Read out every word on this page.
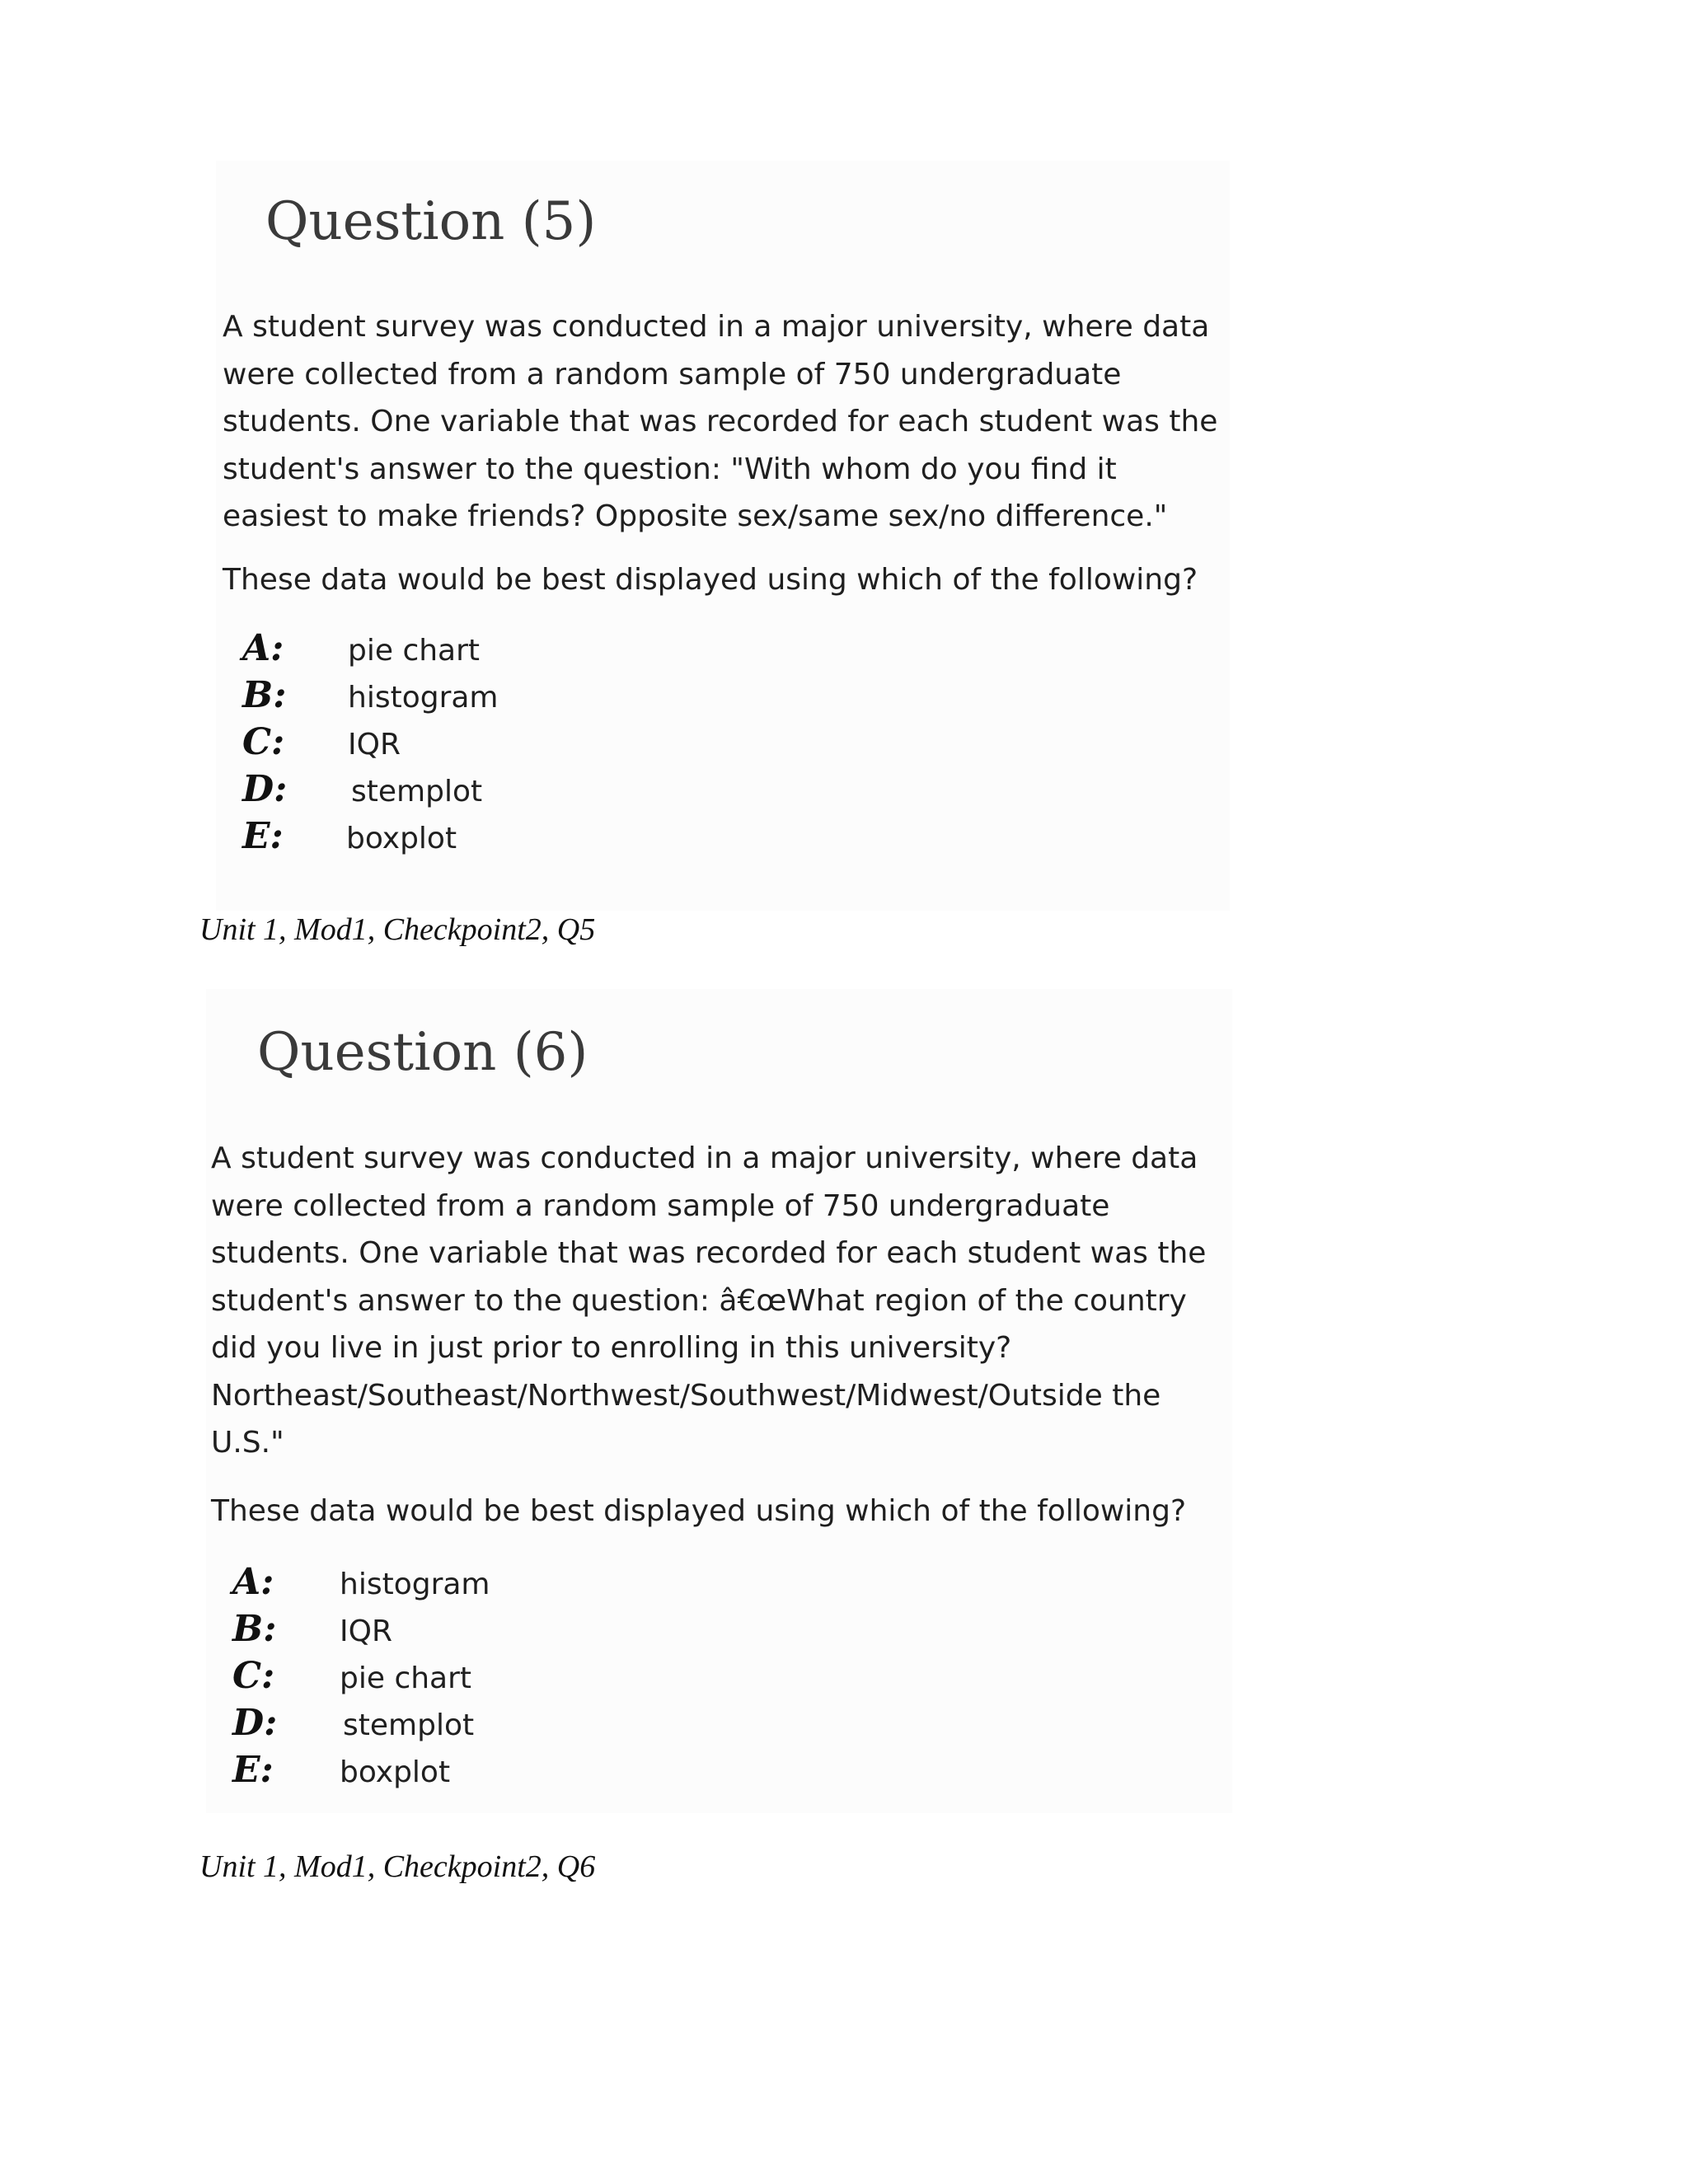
Question (5)
A student survey was conducted in a major university, where data
were collected from a random sample of 750 undergraduate
students. One variable that was recorded for each student was the
student's answer to the question: "With whom do you find it
easiest to make friends? Opposite sex/same sex/no difference."

These data would be best displayed using which of the following?

A: pie chart
B: histogram
C: IQR
D: stemplot
E: boxplot

Unit 1, Mod1, Checkpoint2, Q5

Question (6)
A student survey was conducted in a major university, where data
were collected from a random sample of 750 undergraduate
students. One variable that was recorded for each student was the
student's answer to the question: â€œWhat region of the country
did you live in just prior to enrolling in this university?
Northeast/Southeast/Northwest/Southwest/Midwest/Outside the
U.S."

These data would be best displayed using which of the following?

A: histogram
B: IQR
C: pie chart
D: stemplot
E: boxplot

Unit 1, Mod1, Checkpoint2, Q6
